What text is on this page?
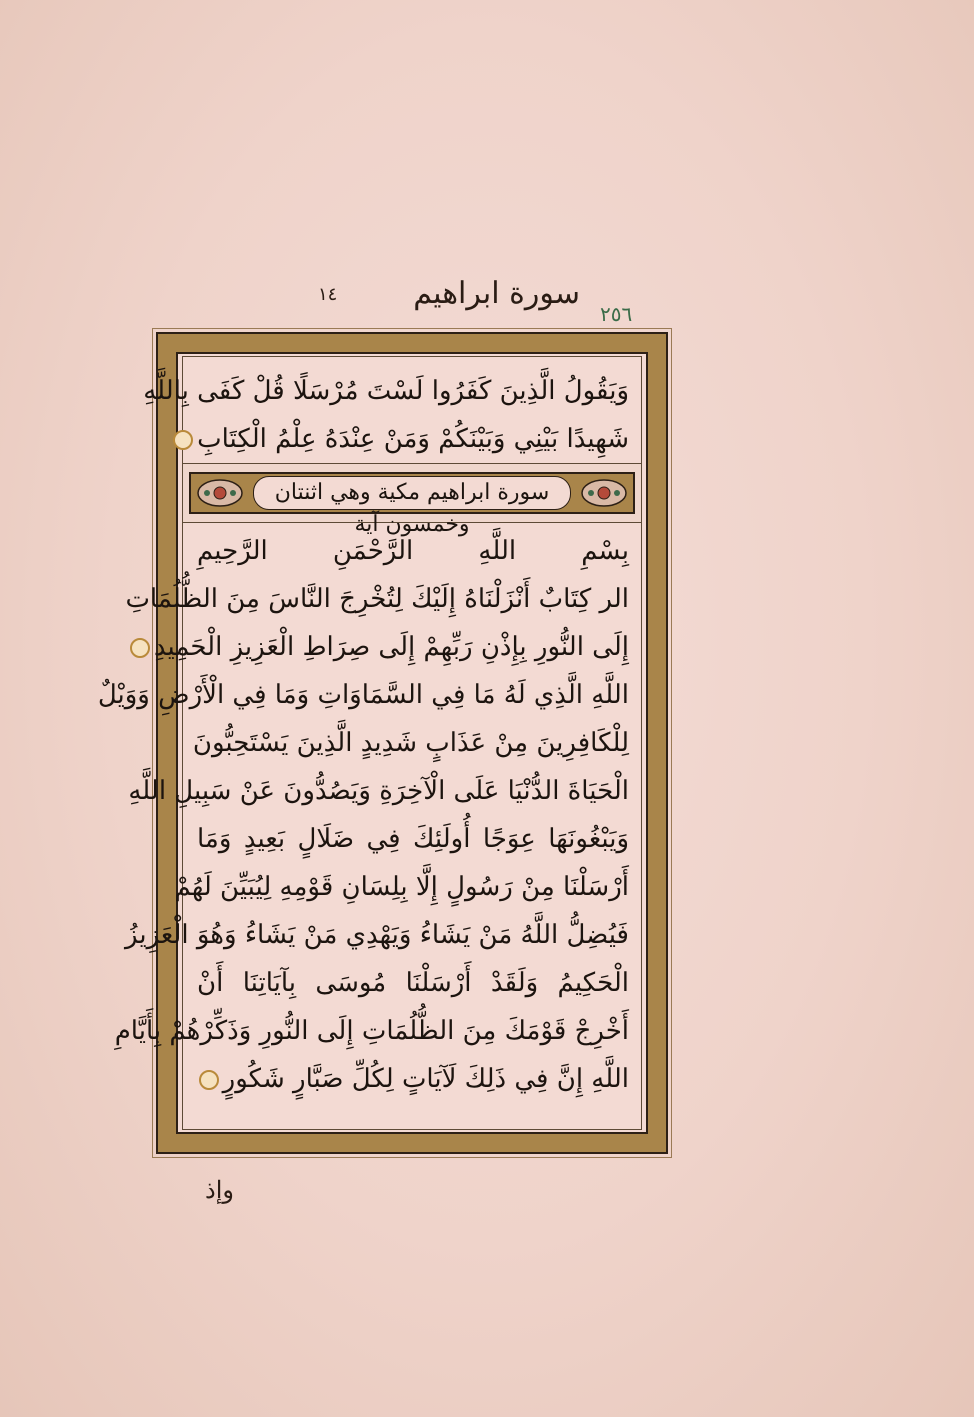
سورة ابراهيم
١٤
٢٥٦
وَيَقُولُ الَّذِينَ كَفَرُوا لَسْتَ مُرْسَلًا قُلْ كَفَى بِاللَّهِ
شَهِيدًا بَيْنِي وَبَيْنَكُمْ وَمَنْ عِنْدَهُ عِلْمُ الْكِتَابِ
سورة ابراهيم مكية وهي اثنتان وخمسون آية
بِسْمِ اللَّهِ الرَّحْمَنِ الرَّحِيمِ
الر كِتَابٌ أَنْزَلْنَاهُ إِلَيْكَ لِتُخْرِجَ النَّاسَ مِنَ الظُّلُمَاتِ
إِلَى النُّورِ بِإِذْنِ رَبِّهِمْ إِلَى صِرَاطِ الْعَزِيزِ الْحَمِيدِ
اللَّهِ الَّذِي لَهُ مَا فِي السَّمَاوَاتِ وَمَا فِي الْأَرْضِ وَوَيْلٌ
لِلْكَافِرِينَ مِنْ عَذَابٍ شَدِيدٍ الَّذِينَ يَسْتَحِبُّونَ
الْحَيَاةَ الدُّنْيَا عَلَى الْآخِرَةِ وَيَصُدُّونَ عَنْ سَبِيلِ اللَّهِ
وَيَبْغُونَهَا عِوَجًا أُولَئِكَ فِي ضَلَالٍ بَعِيدٍ وَمَا
أَرْسَلْنَا مِنْ رَسُولٍ إِلَّا بِلِسَانِ قَوْمِهِ لِيُبَيِّنَ لَهُمْ
فَيُضِلُّ اللَّهُ مَنْ يَشَاءُ وَيَهْدِي مَنْ يَشَاءُ وَهُوَ الْعَزِيزُ
الْحَكِيمُ وَلَقَدْ أَرْسَلْنَا مُوسَى بِآيَاتِنَا أَنْ
أَخْرِجْ قَوْمَكَ مِنَ الظُّلُمَاتِ إِلَى النُّورِ وَذَكِّرْهُمْ بِأَيَّامِ
اللَّهِ إِنَّ فِي ذَلِكَ لَآيَاتٍ لِكُلِّ صَبَّارٍ شَكُورٍ
وإذ
